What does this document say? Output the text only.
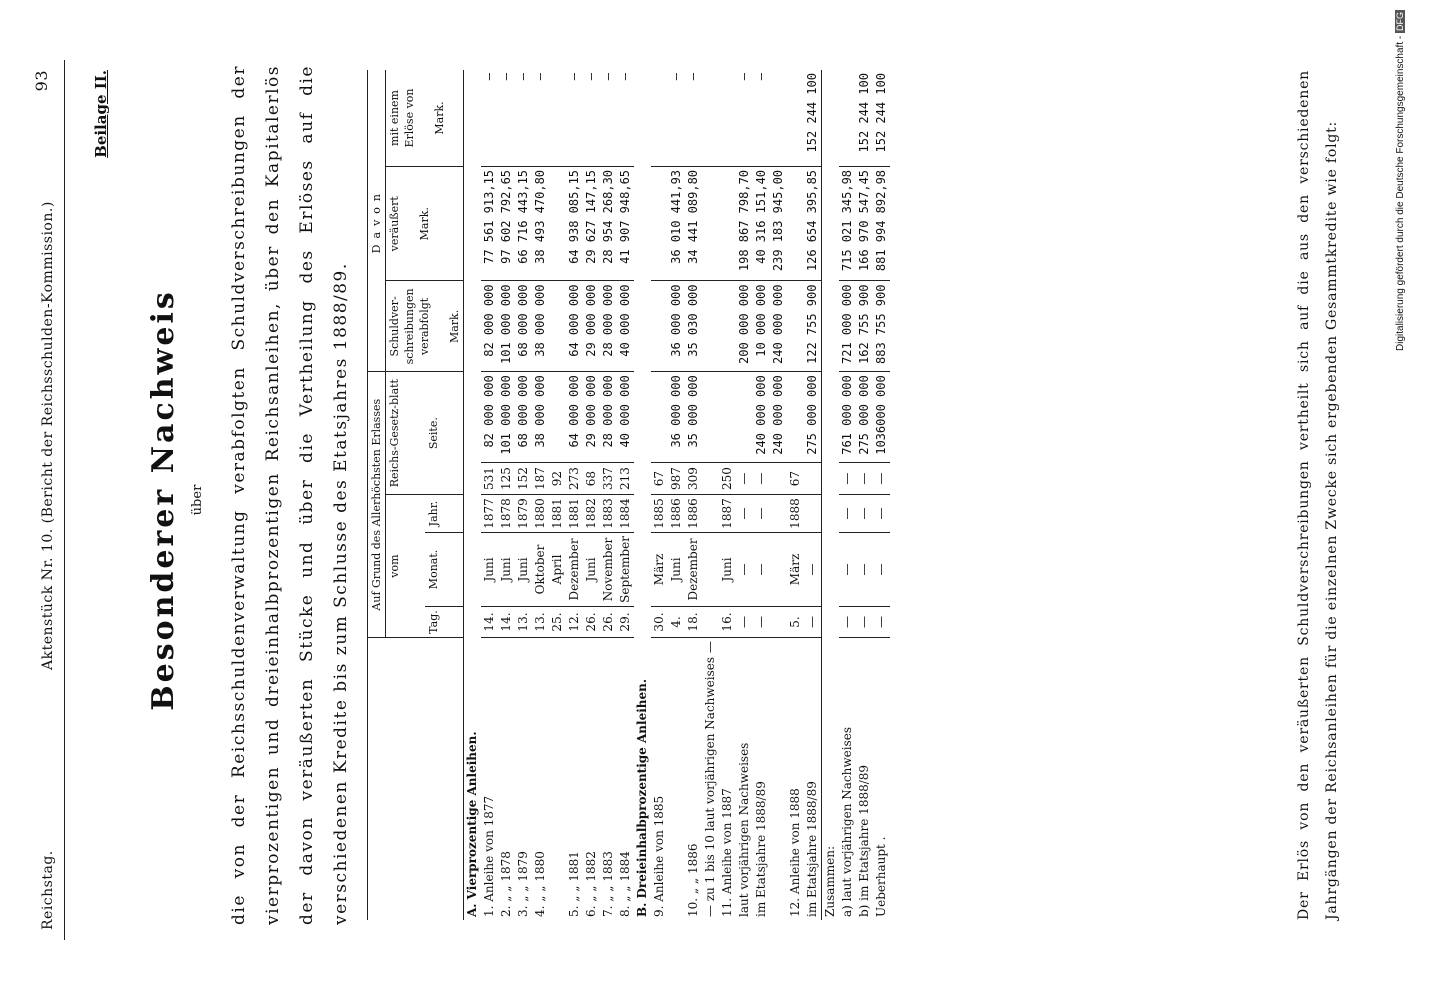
Reichstag.
Aktenstück Nr. 10. (Bericht der Reichsschulden-Kommission.)
93	Beilage II.
Besonderer Nachweis über	die von der Reichsschuldenverwaltung verabfolgten Schuldverschreibungen der vierprozentigen und dreieinhalbprozentigen Reichsanleihen, über den Kapitalerlös der davon veräußerten Stücke und über die Vertheilung des Erlöses auf die verschiedenen Kredite bis zum Schlusse des Etatsjahres 1888/89.
		Auf Grund des Allerhöchsten Erlasses					Davon		
	vom			Reichs-Gesetz-blatt		Schuldver-schreibungen verabfolgt Mark.	veräußert Mark.	mit einem Erlöse von Mark.
	Tag.	Monat.	Jahr.	Seite.				
A. Vierprozentige Anleihen.								
1. Anleihe von 1877	14.	Juni	1877	531	82 000 000	82 000 000	77 561 913,15	—
2. „ „ 1878	14.	Juni	1878	125	101 000 000	101 000 000	97 602 792,65	—
3. „ „ 1879	13.	Juni	1879	152	68 000 000	68 000 000	66 716 443,15	—
4. „ „ 1880	13.	Oktober	1880	187	38 000 000	38 000 000	38 493 470,80	—
	25.	April	1881	92				
5. „ „ 1881	12.	Dezember	1881	273	64 000 000	64 000 000	64 938 085,15	—
6. „ „ 1882	26.	Juni	1882	68	29 000 000	29 000 000	29 627 147,15	—
7. „ „ 1883	26.	November	1883	337	28 000 000	28 000 000	28 954 268,30	—
8. „ „ 1884	29.	September	1884	213	40 000 000	40 000 000	41 907 948,65	—
B. Dreieinhalbprozentige Anleihen.								
9. Anleihe von 1885	30.	März	1885	67				
	4.	Juni	1886	987	36 000 000	36 000 000	36 010 441,93	—
10. „ „ 1886	18.	Dezember	1886	309	35 000 000	35 030 000	34 441 089,80	—
— zu 1 bis 10 laut vorjährigen Nachweises —								
11. Anleihe von 1887	16.	Juni	1887	250				
laut vorjährigen Nachweises	—	—	—	—		200 000 000	198 867 798,70	—
im Etatsjahre 1888/89	—	—	—	—	240 000 000	10 000 000	40 316 151,40	—
					240 000 000	240 000 000	239 183 945,00	
12. Anleihe von 1888	5.	März	1888	67				
im Etatsjahre 1888/89	—	—			275 000 000	122 755 900	126 654 395,85	152 244 100
Zusammen:								
a) laut vorjährigen Nachweises	—	—	—	—	761 000 000	721 000 000	715 021 345,98	
b) im Etatsjahre 1888/89	—	—	—	—	275 000 000	162 755 900	166 970 547,45	152 244 100
Ueberhaupt .	—	—	—	—	1036000 000	883 755 900	881 994 892,98	152 244 100	Der Erlös von den veräußerten Schuldverschreibungen vertheilt sich auf die aus den verschiedenen Jahrgängen der Reichsanleihen für die einzelnen Zwecke sich ergebenden Gesammtkredite wie folgt:	Digitalisierung gefördert durch die Deutsche Forschungsgemeinschaft - DFG
